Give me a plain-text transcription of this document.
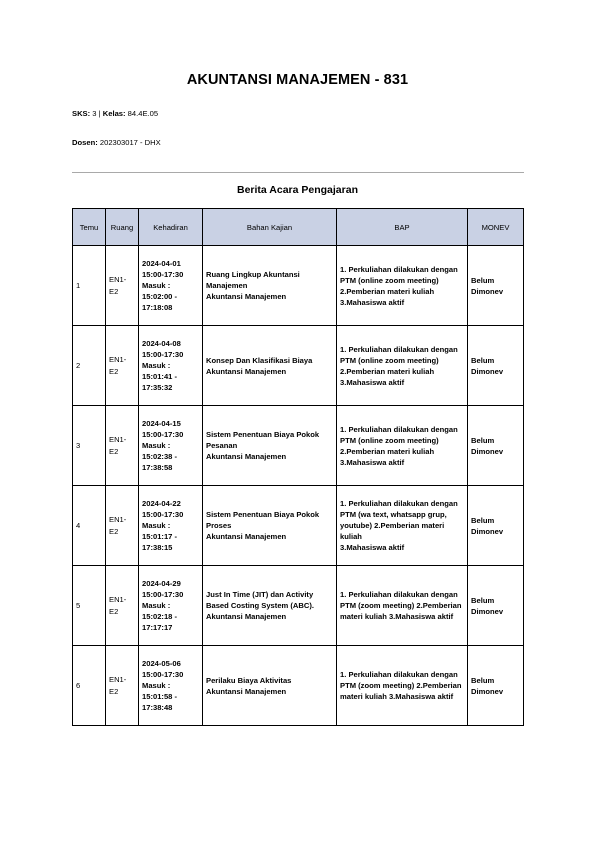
AKUNTANSI MANAJEMEN - 831

SKS: 3 | Kelas: 84.4E.05

Dosen: 202303017 - DHX

Berita Acara Pengajaran
Temu	Ruang	Kehadiran	Bahan Kajian	BAP	MONEV
1	EN1-E2	2024-04-01
15:00-17:30
Masuk :
15:02:00 -
17:18:08	Ruang Lingkup Akuntansi
Manajemen
Akuntansi Manajemen	1. Perkuliahan dilakukan dengan
PTM (online zoom meeting)
2.Pemberian materi kuliah
3.Mahasiswa aktif	Belum
Dimonev

2	EN1-E2	2024-04-08
15:00-17:30
Masuk :
15:01:41 -
17:35:32	Konsep Dan Klasifikasi Biaya
Akuntansi Manajemen	1. Perkuliahan dilakukan dengan
PTM (online zoom meeting)
2.Pemberian materi kuliah
3.Mahasiswa aktif	Belum
Dimonev

3	EN1-E2	2024-04-15
15:00-17:30
Masuk :
15:02:38 -
17:38:58	Sistem Penentuan Biaya Pokok
Pesanan
Akuntansi Manajemen	1. Perkuliahan dilakukan dengan
PTM (online zoom meeting)
2.Pemberian materi kuliah
3.Mahasiswa aktif	Belum
Dimonev

4	EN1-E2	2024-04-22
15:00-17:30
Masuk :
15:01:17 -
17:38:15	Sistem Penentuan Biaya Pokok
Proses
Akuntansi Manajemen	1. Perkuliahan dilakukan dengan
PTM (wa text, whatsapp grup,
youtube) 2.Pemberian materi kuliah
3.Mahasiswa aktif	Belum
Dimonev

5	EN1-E2	2024-04-29
15:00-17:30
Masuk :
15:02:18 -
17:17:17	Just In Time (JIT) dan Activity
Based Costing System (ABC).
Akuntansi Manajemen	1. Perkuliahan dilakukan dengan
PTM (zoom meeting) 2.Pemberian
materi kuliah 3.Mahasiswa aktif	Belum
Dimonev

6	EN1-E2	2024-05-06
15:00-17:30
Masuk :
15:01:58 -
17:38:48	Perilaku Biaya Aktivitas
Akuntansi Manajemen	1. Perkuliahan dilakukan dengan
PTM (zoom meeting) 2.Pemberian
materi kuliah 3.Mahasiswa aktif	Belum
Dimonev
